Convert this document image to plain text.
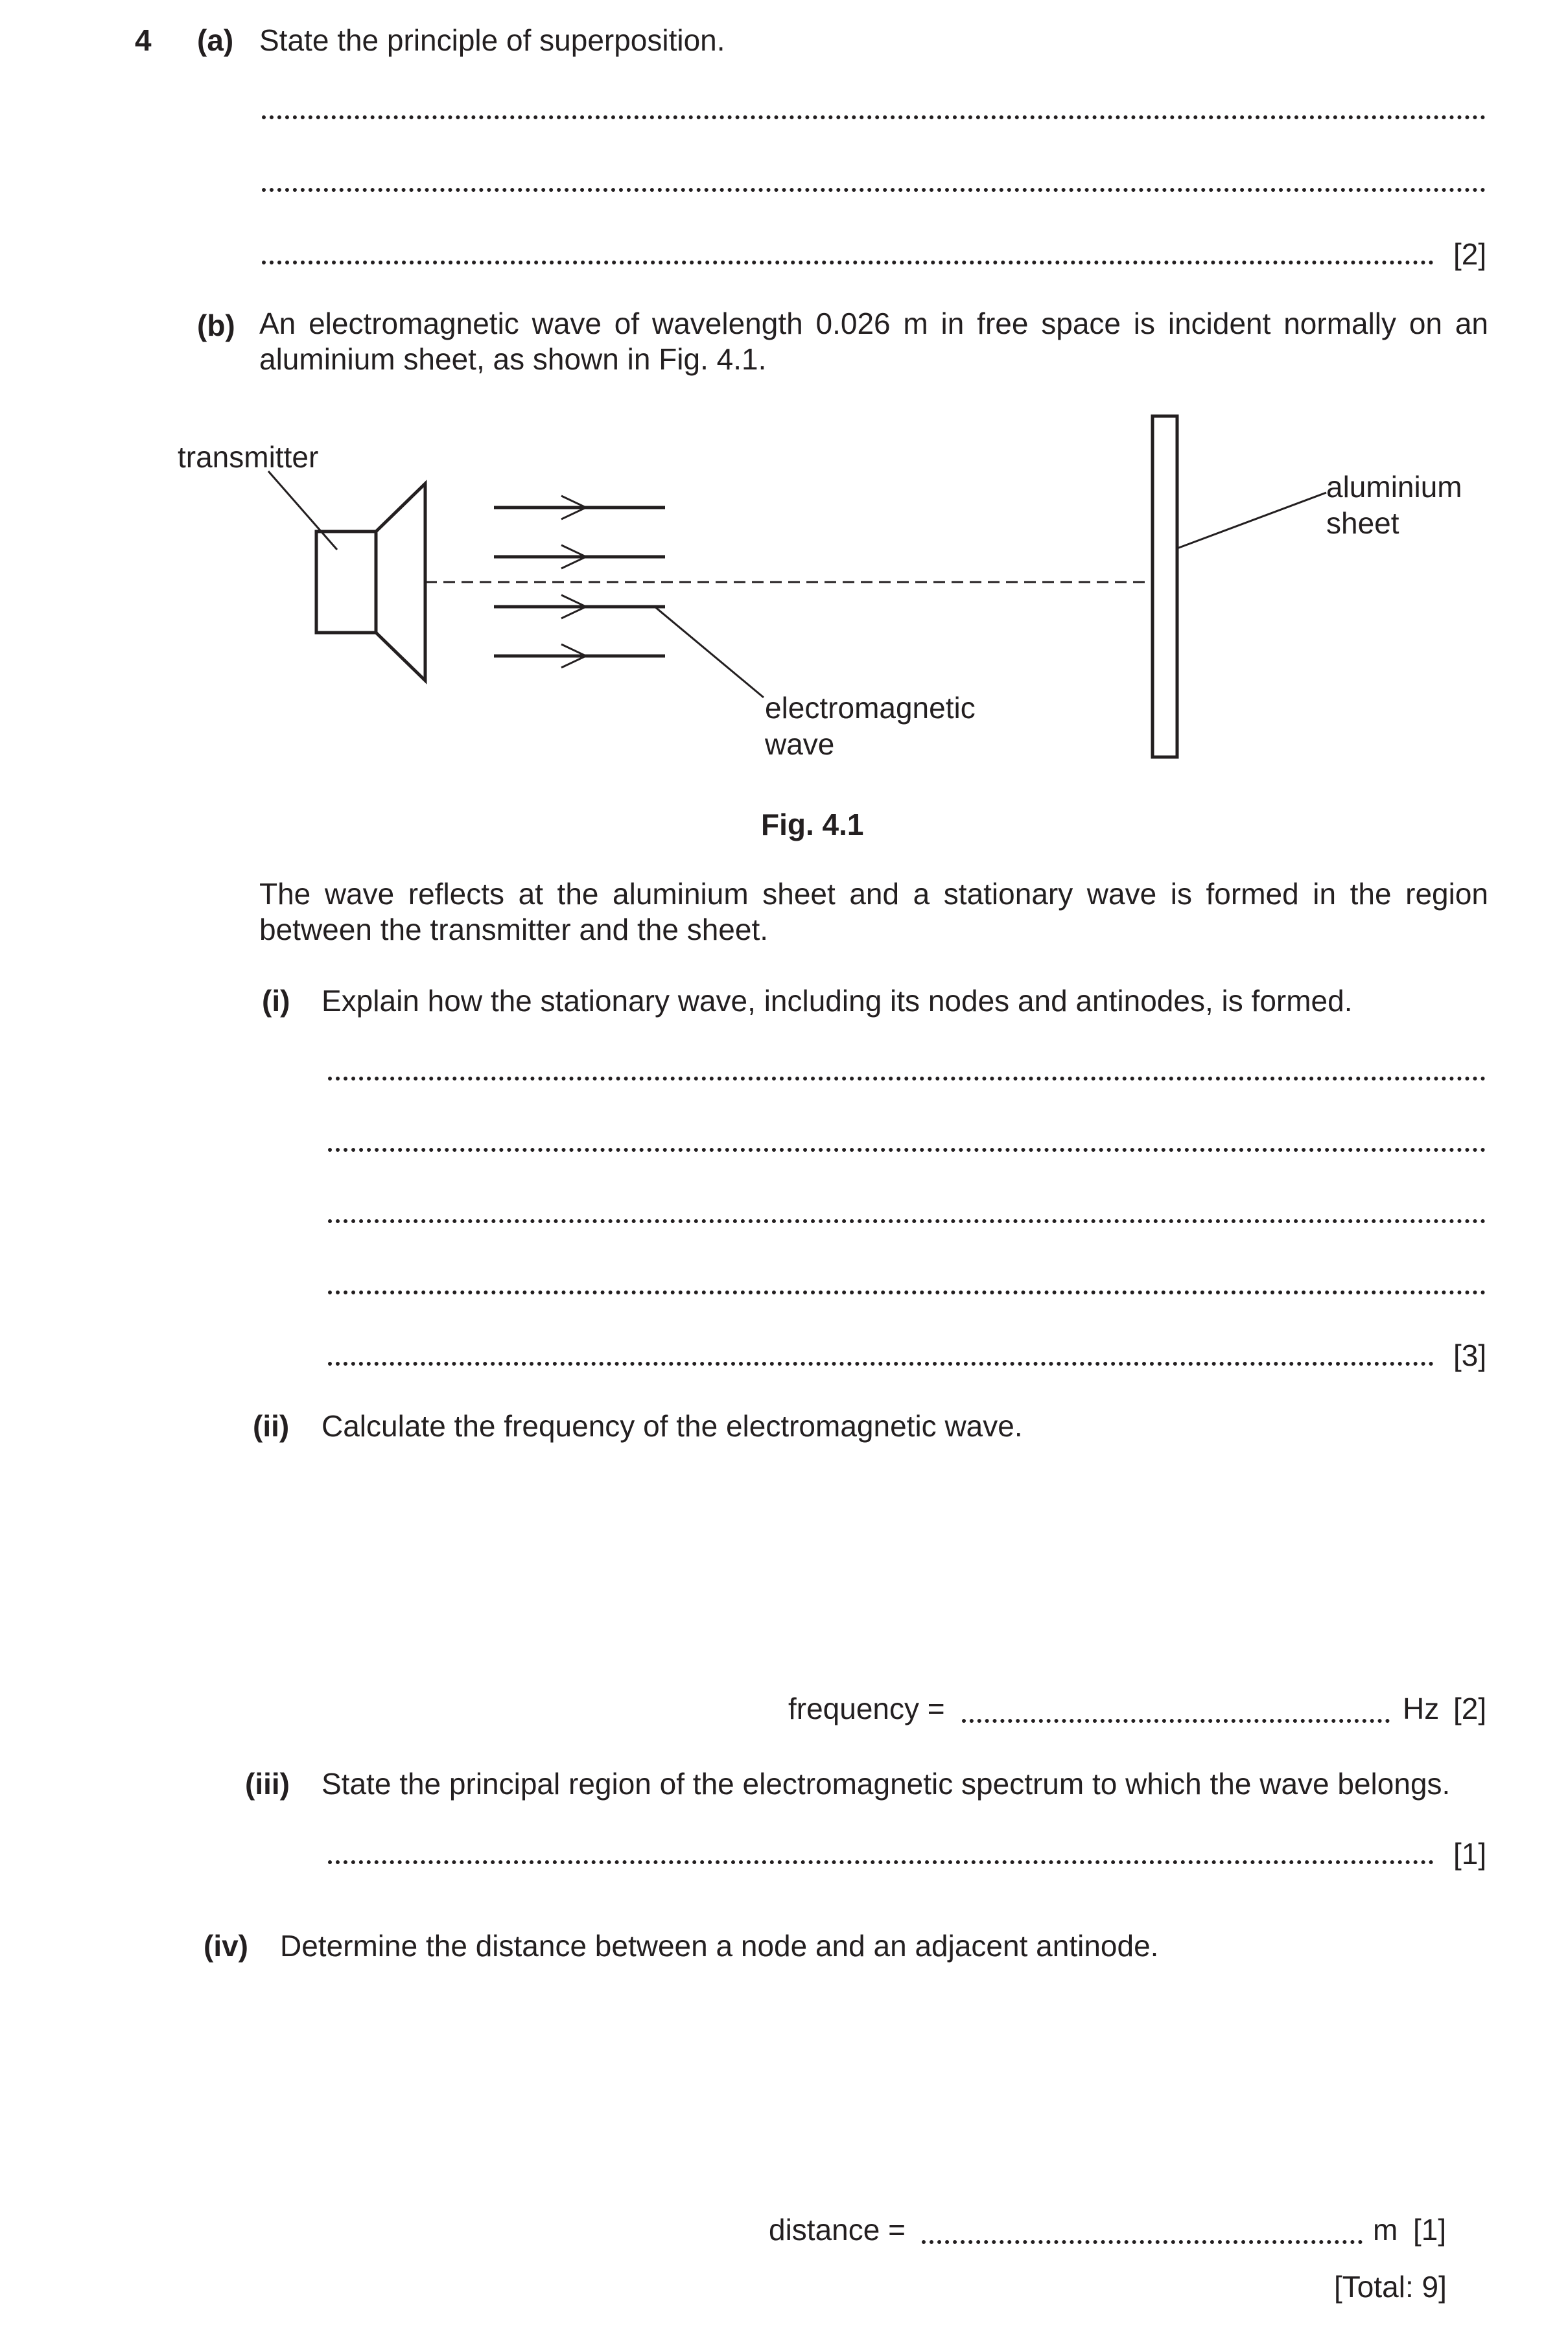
4 (a) State the principle of superposition.
[2]
(b) An electromagnetic wave of wavelength 0.026 m in free space is incident normally on an aluminium sheet, as shown in Fig. 4.1.
transmitter
aluminium
sheet
electromagnetic
wave
Fig. 4.1
The wave reflects at the aluminium sheet and a stationary wave is formed in the region between the transmitter and the sheet.
(i) Explain how the stationary wave, including its nodes and antinodes, is formed.
[3]
(ii) Calculate the frequency of the electromagnetic wave.
frequency =	Hz [2]
(iii) State the principal region of the electromagnetic spectrum to which the wave belongs.
[1]
(iv) Determine the distance between a node and an adjacent antinode.
distance =	m [1]
[Total: 9]
